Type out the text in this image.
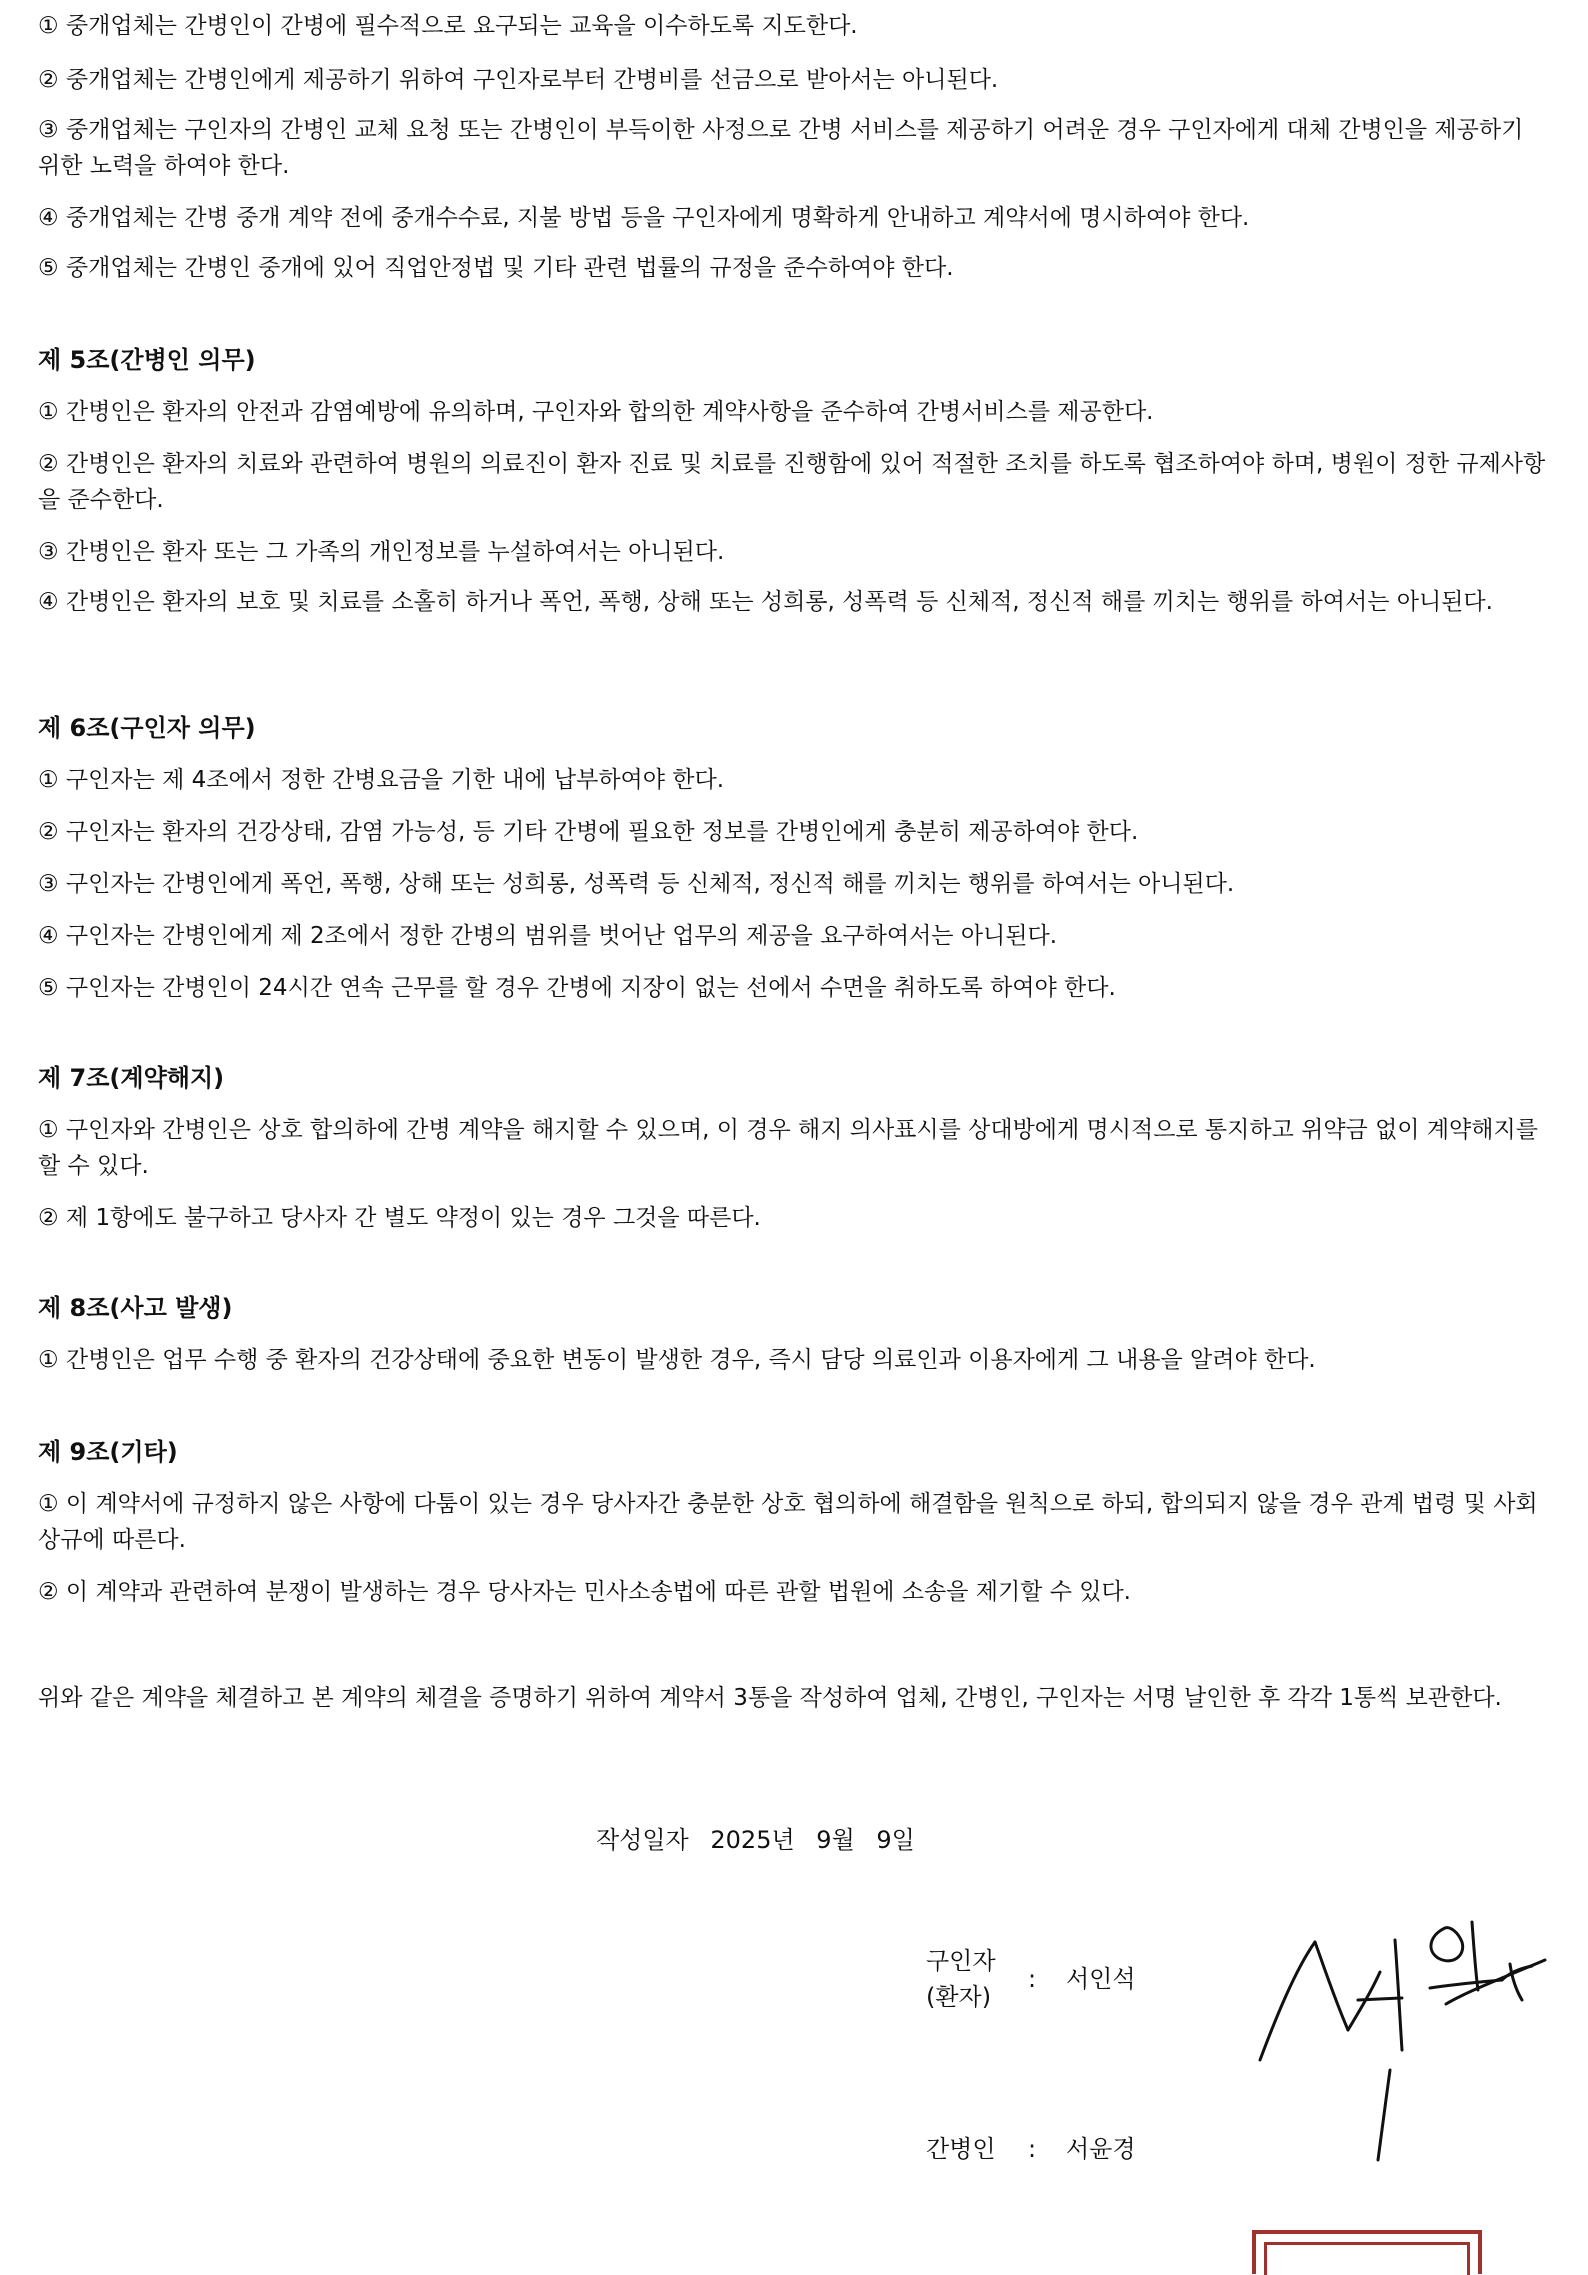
① 중개업체는 간병인이 간병에 필수적으로 요구되는 교육을 이수하도록 지도한다.
② 중개업체는 간병인에게 제공하기 위하여 구인자로부터 간병비를 선금으로 받아서는 아니된다.
③ 중개업체는 구인자의 간병인 교체 요청 또는 간병인이 부득이한 사정으로 간병 서비스를 제공하기 어려운 경우 구인자에게 대체 간병인을 제공하기 위한 노력을 하여야 한다.
④ 중개업체는 간병 중개 계약 전에 중개수수료, 지불 방법 등을 구인자에게 명확하게 안내하고 계약서에 명시하여야 한다.
⑤ 중개업체는 간병인 중개에 있어 직업안정법 및 기타 관련 법률의 규정을 준수하여야 한다.
제 5조(간병인 의무)
① 간병인은 환자의 안전과 감염예방에 유의하며, 구인자와 합의한 계약사항을 준수하여 간병서비스를 제공한다.
② 간병인은 환자의 치료와 관련하여 병원의 의료진이 환자 진료 및 치료를 진행함에 있어 적절한 조치를 하도록 협조하여야 하며, 병원이 정한 규제사항을 준수한다.
③ 간병인은 환자 또는 그 가족의 개인정보를 누설하여서는 아니된다.
④ 간병인은 환자의 보호 및 치료를 소홀히 하거나 폭언, 폭행, 상해 또는 성희롱, 성폭력 등 신체적, 정신적 해를 끼치는 행위를 하여서는 아니된다.
제 6조(구인자 의무)
① 구인자는 제 4조에서 정한 간병요금을 기한 내에 납부하여야 한다.
② 구인자는 환자의 건강상태, 감염 가능성, 등 기타 간병에 필요한 정보를 간병인에게 충분히 제공하여야 한다.
③ 구인자는 간병인에게 폭언, 폭행, 상해 또는 성희롱, 성폭력 등 신체적, 정신적 해를 끼치는 행위를 하여서는 아니된다.
④ 구인자는 간병인에게 제 2조에서 정한 간병의 범위를 벗어난 업무의 제공을 요구하여서는 아니된다.
⑤ 구인자는 간병인이 24시간 연속 근무를 할 경우 간병에 지장이 없는 선에서 수면을 취하도록 하여야 한다.
제 7조(계약해지)
① 구인자와 간병인은 상호 합의하에 간병 계약을 해지할 수 있으며, 이 경우 해지 의사표시를 상대방에게 명시적으로 통지하고 위약금 없이 계약해지를 할 수 있다.
② 제 1항에도 불구하고 당사자 간 별도 약정이 있는 경우 그것을 따른다.
제 8조(사고 발생)
① 간병인은 업무 수행 중 환자의 건강상태에 중요한 변동이 발생한 경우, 즉시 담당 의료인과 이용자에게 그 내용을 알려야 한다.
제 9조(기타)
① 이 계약서에 규정하지 않은 사항에 다툼이 있는 경우 당사자간 충분한 상호 협의하에 해결함을 원칙으로 하되, 합의되지 않을 경우 관계 법령 및 사회상규에 따른다.
② 이 계약과 관련하여 분쟁이 발생하는 경우 당사자는 민사소송법에 따른 관할 법원에 소송을 제기할 수 있다.
위와 같은 계약을 체결하고 본 계약의 체결을 증명하기 위하여 계약서 3통을 작성하여 업체, 간병인, 구인자는 서명 날인한 후 각각 1통씩 보관한다.
작성일자 2025년 9월 9일
구인자
(환자)
: 서인석
간병인 : 서윤경
